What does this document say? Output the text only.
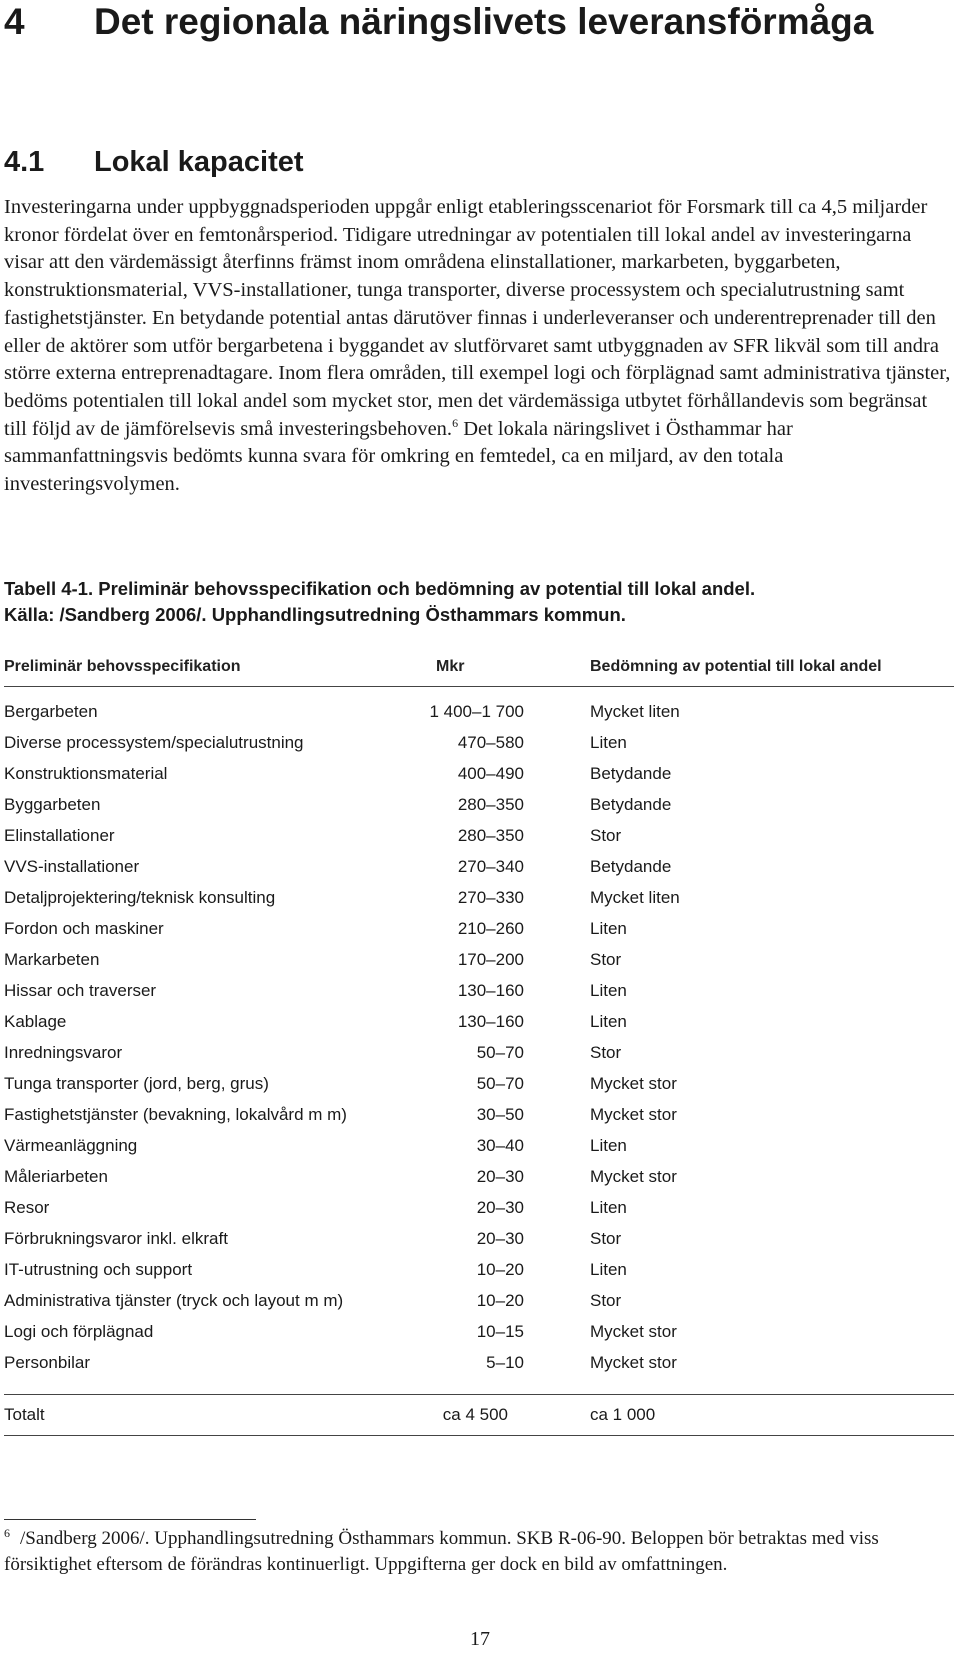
4 Det regionala näringslivets leveransförmåga
4.1 Lokal kapacitet
Investeringarna under uppbyggnadsperioden uppgår enligt etableringsscenariot för Forsmark till ca 4,5 miljarder kronor fördelat över en femtonårsperiod. Tidigare utredningar av potentialen till lokal andel av investeringarna visar att den värdemässigt återfinns främst inom områdena elinstallationer, markarbeten, byggarbeten, konstruktionsmaterial, VVS-installationer, tunga transporter, diverse processystem och specialutrustning samt fastighetstjänster. En betydande potential antas därutöver finnas i underleveranser och underentreprenader till den eller de aktörer som utför bergarbetena i byggandet av slutförvaret samt utbyggnaden av SFR likväl som till andra större externa entreprenadtagare. Inom flera områden, till exempel logi och förplägnad samt administrativa tjänster, bedöms potentialen till lokal andel som mycket stor, men det värdemässiga utbytet förhållandevis som begränsat till följd av de jämförelsevis små investeringsbehoven.$^6$ Det lokala näringslivet i Östhammar har sammanfattningsvis bedömts kunna svara för omkring en femtedel, ca en miljard, av den totala investeringsvolymen.
Tabell 4-1. Preliminär behovsspecifikation och bedömning av potential till lokal andel.
Källa: /Sandberg 2006/. Upphandlingsutredning Östhammars kommun.
Preliminär behovsspecifikation	Mkr	Bedömning av potential till lokal andel
Bergarbeten	1 400–1 700	Mycket liten
Diverse processystem/specialutrustning	470–580	Liten
Konstruktionsmaterial	400–490	Betydande
Byggarbeten	280–350	Betydande
Elinstallationer	280–350	Stor
VVS-installationer	270–340	Betydande
Detaljprojektering/teknisk konsulting	270–330	Mycket liten
Fordon och maskiner	210–260	Liten
Markarbeten	170–200	Stor
Hissar och traverser	130–160	Liten
Kablage	130–160	Liten
Inredningsvaror	50–70	Stor
Tunga transporter (jord, berg, grus)	50–70	Mycket stor
Fastighetstjänster (bevakning, lokalvård m m)	30–50	Mycket stor
Värmeanläggning	30–40	Liten
Måleriarbeten	20–30	Mycket stor
Resor	20–30	Liten
Förbrukningsvaror inkl. elkraft	20–30	Stor
IT-utrustning och support	10–20	Liten
Administrativa tjänster (tryck och layout m m)	10–20	Stor
Logi och förplägnad	10–15	Mycket stor
Personbilar	5–10	Mycket stor
Totalt	ca 4 500	ca 1 000
$^6$ /Sandberg 2006/. Upphandlingsutredning Östhammars kommun. SKB R-06-90. Beloppen bör betraktas med viss försiktighet eftersom de förändras kontinuerligt. Uppgifterna ger dock en bild av omfattningen.
17
